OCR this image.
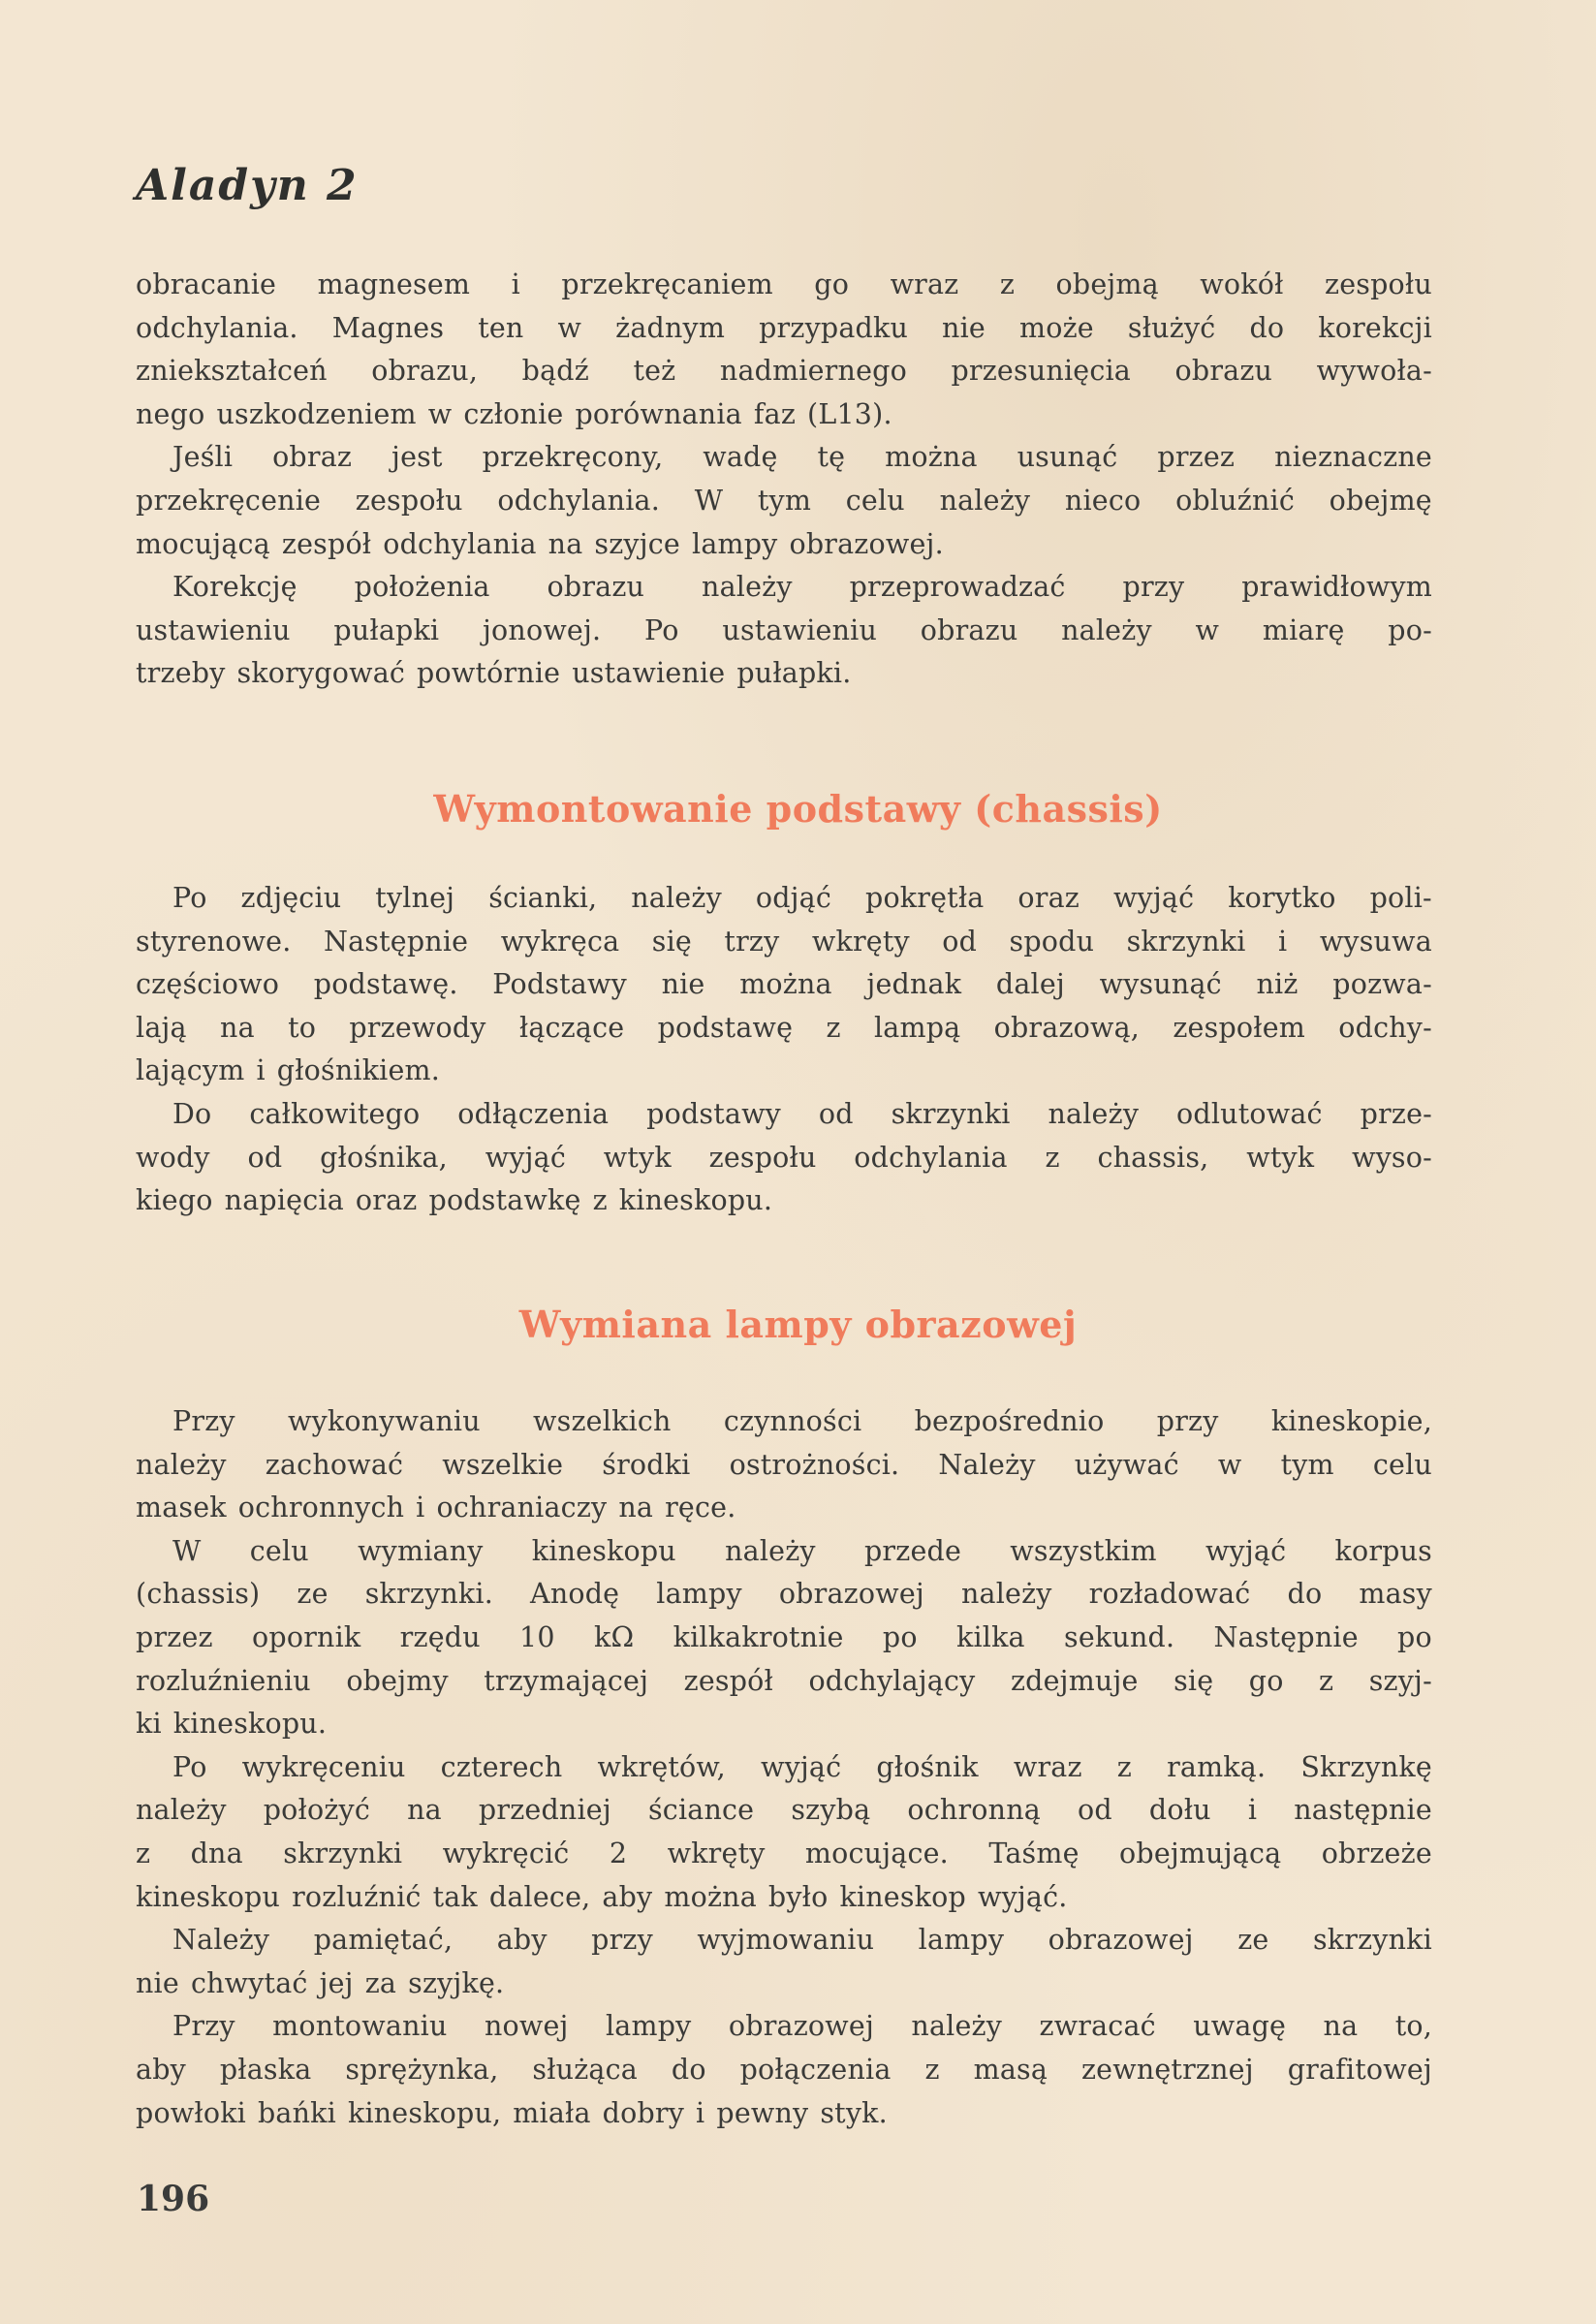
Aladyn 2
obracanie magnesem i przekręcaniem go wraz z obejmą wokół zespołu
odchylania. Magnes ten w żadnym przypadku nie może służyć do korekcji
zniekształceń obrazu, bądź też nadmiernego przesunięcia obrazu wywoła-
nego uszkodzeniem w członie porównania faz (L13).
Jeśli obraz jest przekręcony, wadę tę można usunąć przez nieznaczne
przekręcenie zespołu odchylania. W tym celu należy nieco obluźnić obejmę
mocującą zespół odchylania na szyjce lampy obrazowej.
Korekcję położenia obrazu należy przeprowadzać przy prawidłowym
ustawieniu pułapki jonowej. Po ustawieniu obrazu należy w miarę po-
trzeby skorygować powtórnie ustawienie pułapki.
Wymontowanie podstawy (chassis)
Po zdjęciu tylnej ścianki, należy odjąć pokrętła oraz wyjąć korytko poli-
styrenowe. Następnie wykręca się trzy wkręty od spodu skrzynki i wysuwa
częściowo podstawę. Podstawy nie można jednak dalej wysunąć niż pozwa-
lają na to przewody łączące podstawę z lampą obrazową, zespołem odchy-
lającym i głośnikiem.
Do całkowitego odłączenia podstawy od skrzynki należy odlutować prze-
wody od głośnika, wyjąć wtyk zespołu odchylania z chassis, wtyk wyso-
kiego napięcia oraz podstawkę z kineskopu.
Wymiana lampy obrazowej
Przy wykonywaniu wszelkich czynności bezpośrednio przy kineskopie,
należy zachować wszelkie środki ostrożności. Należy używać w tym celu
masek ochronnych i ochraniaczy na ręce.
W celu wymiany kineskopu należy przede wszystkim wyjąć korpus
(chassis) ze skrzynki. Anodę lampy obrazowej należy rozładować do masy
przez opornik rzędu 10 kΩ kilkakrotnie po kilka sekund. Następnie po
rozluźnieniu obejmy trzymającej zespół odchylający zdejmuje się go z szyj-
ki kineskopu.
Po wykręceniu czterech wkrętów, wyjąć głośnik wraz z ramką. Skrzynkę
należy położyć na przedniej ściance szybą ochronną od dołu i następnie
z dna skrzynki wykręcić 2 wkręty mocujące. Taśmę obejmującą obrzeże
kineskopu rozluźnić tak dalece, aby można było kineskop wyjąć.
Należy pamiętać, aby przy wyjmowaniu lampy obrazowej ze skrzynki
nie chwytać jej za szyjkę.
Przy montowaniu nowej lampy obrazowej należy zwracać uwagę na to,
aby płaska sprężynka, służąca do połączenia z masą zewnętrznej grafitowej
powłoki bańki kineskopu, miała dobry i pewny styk.
196
